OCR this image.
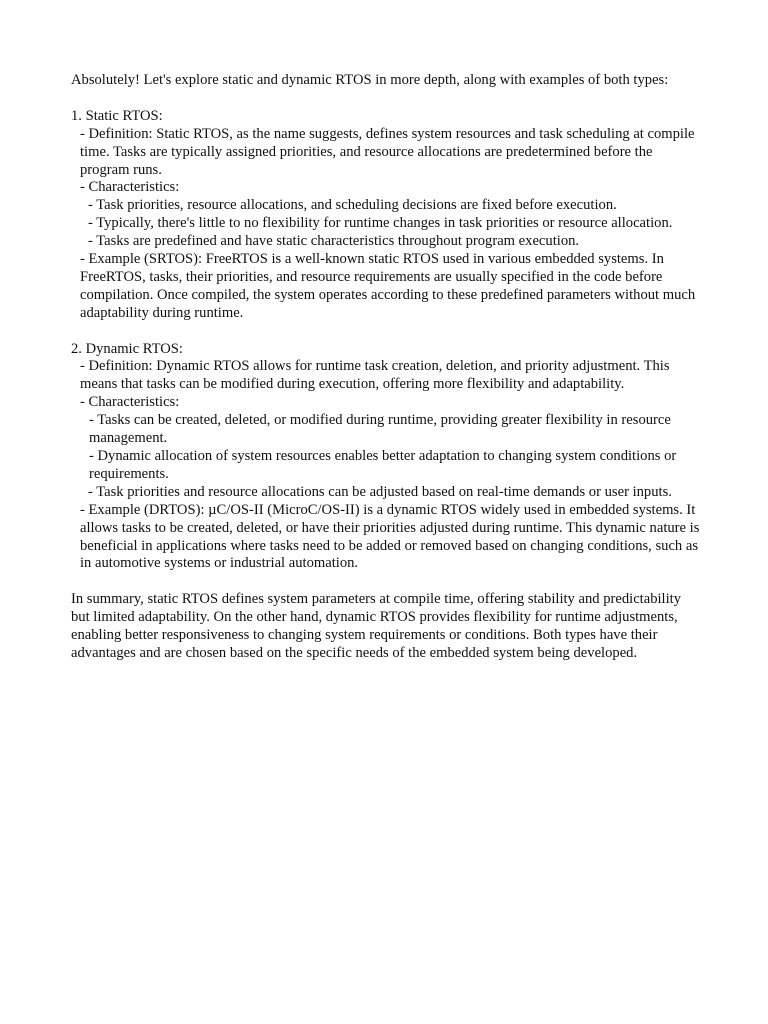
Absolutely! Let's explore static and dynamic RTOS in more depth, along with examples of both types:

1. Static RTOS:

- Definition: Static RTOS, as the name suggests, defines system resources and task scheduling at compile time. Tasks are typically assigned priorities, and resource allocations are predetermined before the program runs.

- Characteristics:

- Task priorities, resource allocations, and scheduling decisions are fixed before execution.

- Typically, there's little to no flexibility for runtime changes in task priorities or resource allocation.

- Tasks are predefined and have static characteristics throughout program execution.

- Example (SRTOS): FreeRTOS is a well-known static RTOS used in various embedded systems. In FreeRTOS, tasks, their priorities, and resource requirements are usually specified in the code before compilation. Once compiled, the system operates according to these predefined parameters without much adaptability during runtime.

2. Dynamic RTOS:

- Definition: Dynamic RTOS allows for runtime task creation, deletion, and priority adjustment. This means that tasks can be modified during execution, offering more flexibility and adaptability.

- Characteristics:

- Tasks can be created, deleted, or modified during runtime, providing greater flexibility in resource management.

- Dynamic allocation of system resources enables better adaptation to changing system conditions or requirements.

- Task priorities and resource allocations can be adjusted based on real-time demands or user inputs.

- Example (DRTOS): µC/OS-II (MicroC/OS-II) is a dynamic RTOS widely used in embedded systems. It allows tasks to be created, deleted, or have their priorities adjusted during runtime. This dynamic nature is beneficial in applications where tasks need to be added or removed based on changing conditions, such as in automotive systems or industrial automation.

In summary, static RTOS defines system parameters at compile time, offering stability and predictability but limited adaptability. On the other hand, dynamic RTOS provides flexibility for runtime adjustments, enabling better responsiveness to changing system requirements or conditions. Both types have their advantages and are chosen based on the specific needs of the embedded system being developed.
